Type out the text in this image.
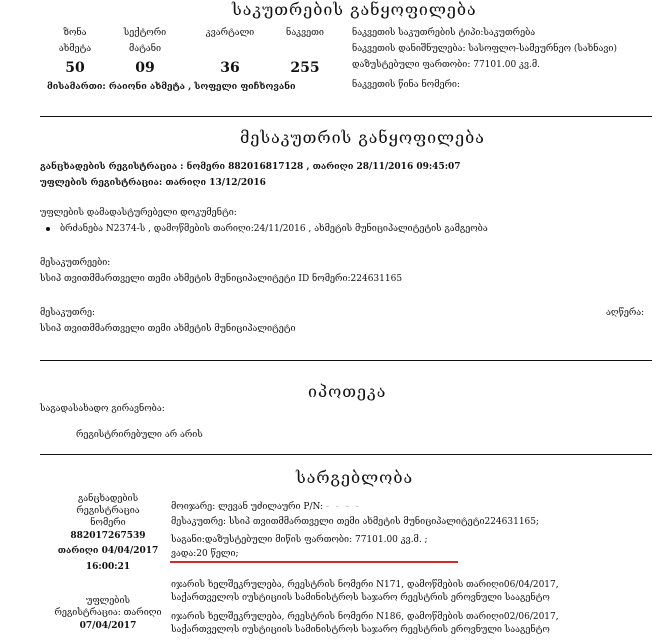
საკუთრების განყოფილება
ზონა
ახმეტა
50
სექტორი
მატანი
09
კვარტალი
36
ნაკვეთი
255
მისამართი: რაიონი ახმეტა , სოფელი ფიჩხოვანი
ნაკვეთის საკუთრების ტიპი:საკუთრება
ნაკვეთის დანიშნულება: სასოფლო-სამეურნეო (სახნავი)
დაზუსტებული ფართობი: 77101.00 კვ.მ.
ნაკვეთის წინა ნომერი:
მესაკუთრის განყოფილება
განცხადების რეგისტრაცია : ნომერი 882016817128 , თარიღი 28/11/2016 09:45:07
უფლების რეგისტრაცია: თარიღი 13/12/2016
უფლების დამადასტურებელი დოკუმენტი:
ბრძანება N2374-ს , დამოწმების თარიღი:24/11/2016 , ახმეტის მუნიციპალიტეტის გამგეობა
მესაკუთრეები:
სსიპ თვითმმართველი თემი ახმეტის მუნიციპალიტეტი ID ნომერი:224631165
მესაკუთრე:	აღწერა:
სსიპ თვითმმართველი თემი ახმეტის მუნიციპალიტეტი
იპოთეკა
საგადასახადო გირავნობა:
რეგისტრირებული არ არის
სარგებლობა
განცხადების
რეგისტრაცია
ნომერი
882017267539
თარიღი 04/04/2017
16:00:21
უფლების
რეგისტრაცია: თარიღი
07/04/2017
მოიჯარე: ლევან უძილაური P/N: - - - -
მესაკუთრე: სსიპ თვითმმართველი თემი ახმეტის მუნიციპალიტეტი224631165;
საგანი:დაზუსტებული მიწის ფართობი: 77101.00 კვ.მ. ;
ვადა:20 წელი;
იჯარის ხელშეკრულება, რეესტრის ნომერი N171, დამოწმების თარიღი06/04/2017,
საქართველოს იუსტიციის სამინისტროს საჯარო რეესტრის ეროვნული სააგენტო
იჯარის ხელშეკრულება, რეესტრის ნომერი N186, დამოწმების თარიღი02/06/2017,
საქართველოს იუსტიციის სამინისტროს საჯარო რეესტრის ეროვნული სააგენტო
